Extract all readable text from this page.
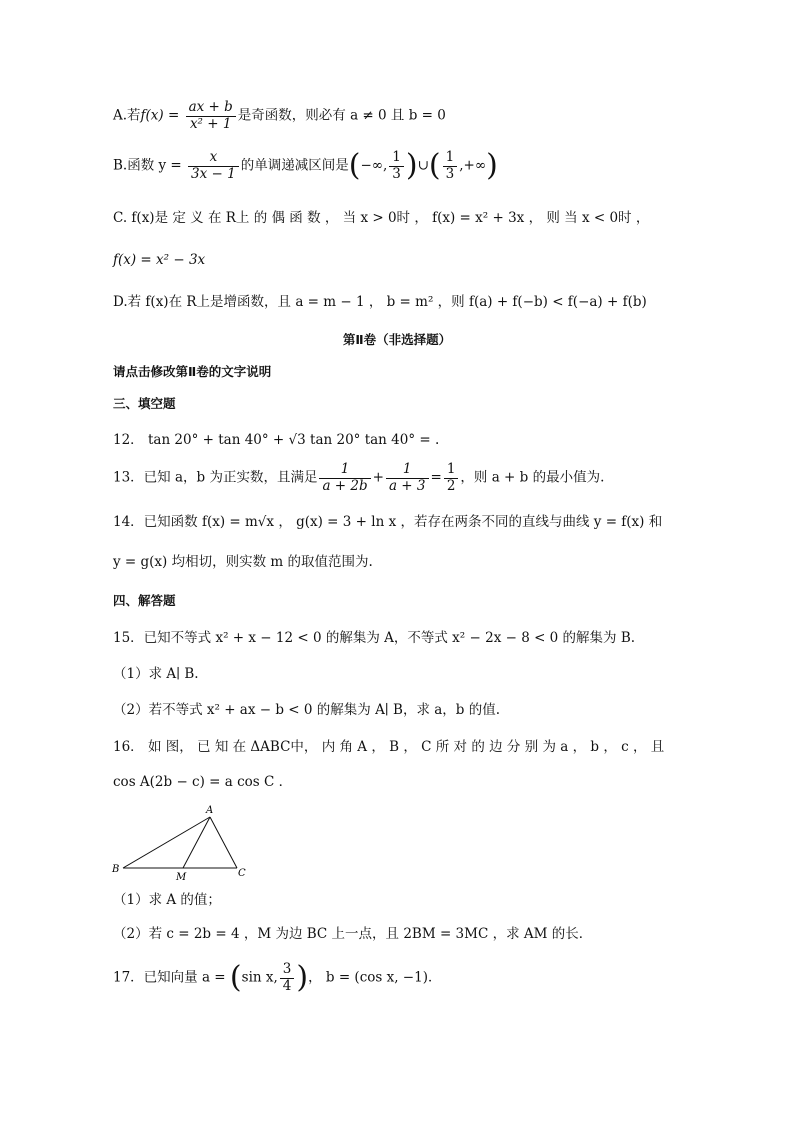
A.若$f(x) = \frac{ax + b}{\text{x² + 1}}$ 是奇函数，则必有 a ≠ 0 且 b = 0
B.函数 $y = \frac{x}{3x - 1}$ 的单调递减区间是(−∞, $\frac{1}{3}$ )∪( $\frac{1}{3}$ ,+∞)
C. f(x)是 定 义 在 R上 的 偶 函 数 ， 当 x > 0时 ， f(x) = x² + 3x ， 则 当 x < 0时 ，
f(x) = x² − 3x
D.若 f(x)在 R上是增函数，且 a = m − 1 ， b = m² ，则 f(a) + f(−b) < f(−a) + f(b)
第Ⅱ卷（非选择题）
请点击修改第Ⅱ卷的文字说明
三、填空题
12． tan 20° + tan 40° + √3 tan 20° tan 40° = .
13．已知 a，b 为正实数，且满足 $\frac{1}{a + 2b} + \frac{1}{a + 3} = \frac{1}{2}$ ，则 a + b 的最小值为.
14．已知函数 f(x) = m√x ， g(x) = 3 + ln x ，若存在两条不同的直线与曲线 y = f(x) 和
y = g(x) 均相切，则实数 m 的取值范围为.
四、解答题
15．已知不等式 x² + x − 12 < 0 的解集为 A，不等式 x² − 2x − 8 < 0 的解集为 B.
（1）求 A∣ B.
（2）若不等式 x² + ax − b < 0 的解集为 A∣ B，求 a，b 的值.
16． 如 图， 已 知 在 ΔABC中， 内 角 A ， B ， C 所 对 的 边 分 别 为 a ， b ， c ， 且
cos A(2b − c) = a cos C ．
A
B	C
M
（1）求 A 的值；
（2）若 c = 2b = 4 ，M 为边 BC 上一点，且 2BM = 3MC ，求 AM 的长．
17．已知向量 a = (sin x, $\frac{3}{4}$ )， b = (cos x, −1)．
